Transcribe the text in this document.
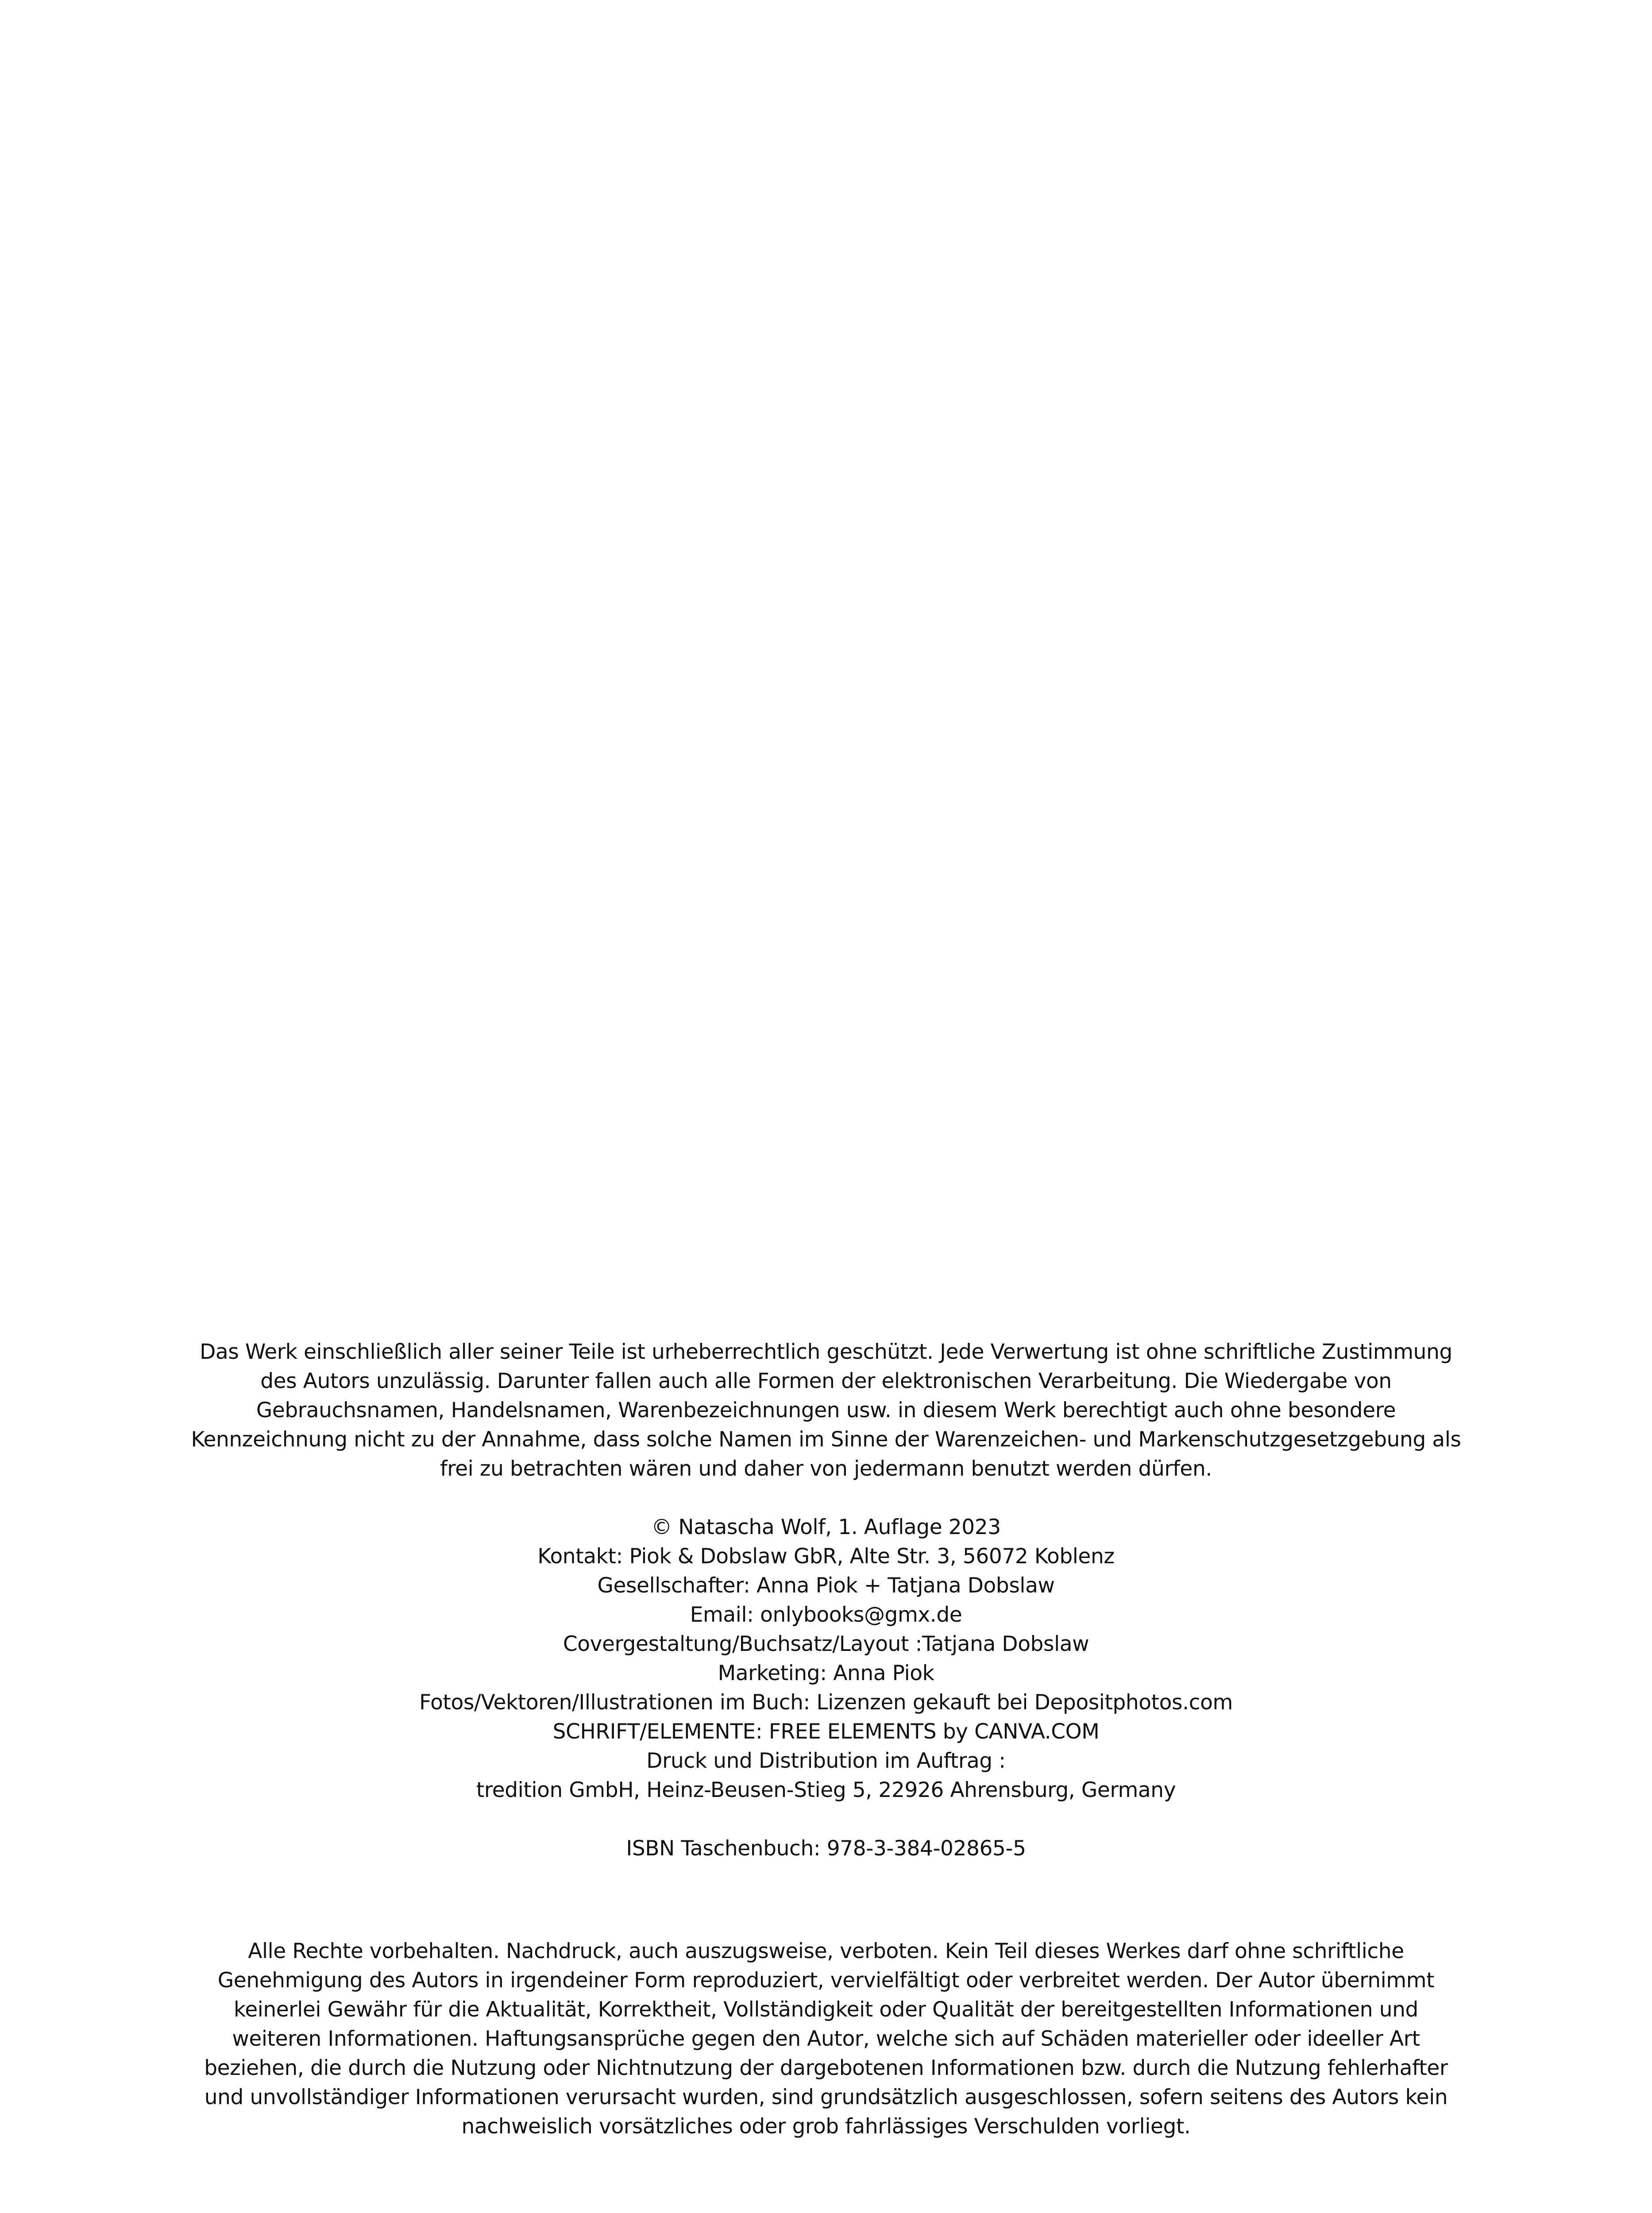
Das Werk einschließlich aller seiner Teile ist urheberrechtlich geschützt. Jede Verwertung ist ohne schriftliche Zustimmung

des Autors unzulässig. Darunter fallen auch alle Formen der elektronischen Verarbeitung. Die Wiedergabe von

Gebrauchsnamen, Handelsnamen, Warenbezeichnungen usw. in diesem Werk berechtigt auch ohne besondere

Kennzeichnung nicht zu der Annahme, dass solche Namen im Sinne der Warenzeichen- und Markenschutzgesetzgebung als

frei zu betrachten wären und daher von jedermann benutzt werden dürfen.

© Natascha Wolf, 1. Auflage 2023

Kontakt: Piok & Dobslaw GbR, Alte Str. 3, 56072 Koblenz

Gesellschafter: Anna Piok + Tatjana Dobslaw

Email: onlybooks@gmx.de

Covergestaltung/Buchsatz/Layout :Tatjana Dobslaw

Marketing: Anna Piok

Fotos/Vektoren/Illustrationen im Buch: Lizenzen gekauft bei Depositphotos.com

SCHRIFT/ELEMENTE: FREE ELEMENTS by CANVA.COM

Druck und Distribution im Auftrag :

tredition GmbH, Heinz-Beusen-Stieg 5, 22926 Ahrensburg, Germany

ISBN Taschenbuch: 978-3-384-02865-5

Alle Rechte vorbehalten. Nachdruck, auch auszugsweise, verboten. Kein Teil dieses Werkes darf ohne schriftliche

Genehmigung des Autors in irgendeiner Form reproduziert, vervielfältigt oder verbreitet werden. Der Autor übernimmt

keinerlei Gewähr für die Aktualität, Korrektheit, Vollständigkeit oder Qualität der bereitgestellten Informationen und

weiteren Informationen. Haftungsansprüche gegen den Autor, welche sich auf Schäden materieller oder ideeller Art

beziehen, die durch die Nutzung oder Nichtnutzung der dargebotenen Informationen bzw. durch die Nutzung fehlerhafter

und unvollständiger Informationen verursacht wurden, sind grundsätzlich ausgeschlossen, sofern seitens des Autors kein

nachweislich vorsätzliches oder grob fahrlässiges Verschulden vorliegt.
